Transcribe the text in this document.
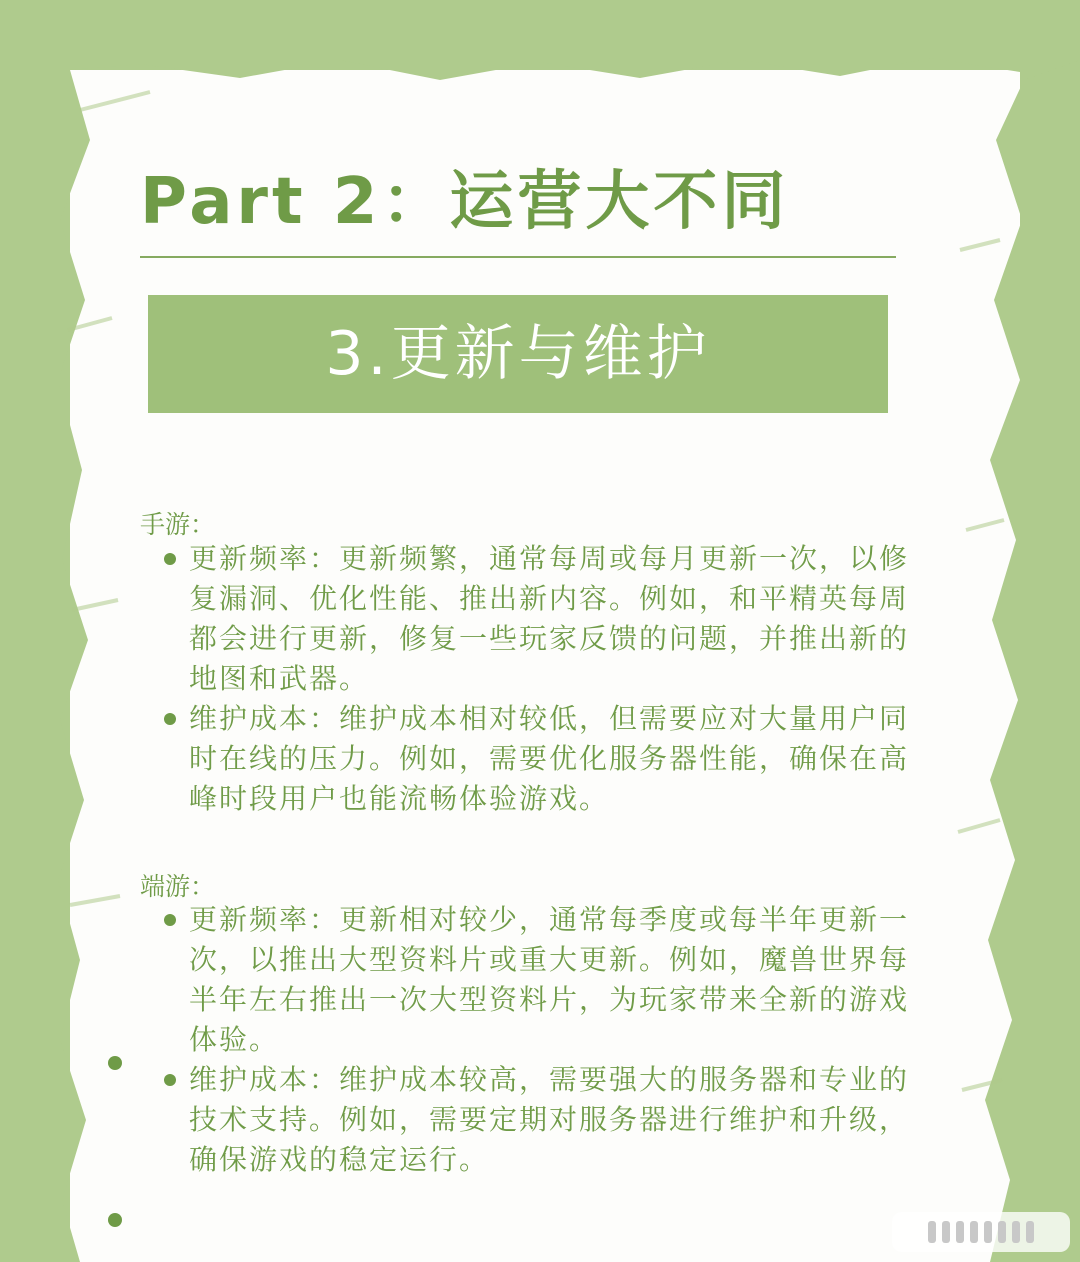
Part 2：运营大不同
3.更新与维护
手游：

更新频率：更新频繁，通常每周或每月更新一次，以修复漏洞、优化性能、推出新内容。例如，和平精英每周都会进行更新，修复一些玩家反馈的问题，并推出新的地图和武器。

维护成本：维护成本相对较低，但需要应对大量用户同时在线的压力。例如，需要优化服务器性能，确保在高峰时段用户也能流畅体验游戏。

端游：

更新频率：更新相对较少，通常每季度或每半年更新一次，以推出大型资料片或重大更新。例如，魔兽世界每半年左右推出一次大型资料片，为玩家带来全新的游戏体验。

维护成本：维护成本较高，需要强大的服务器和专业的技术支持。例如，需要定期对服务器进行维护和升级，确保游戏的稳定运行。
